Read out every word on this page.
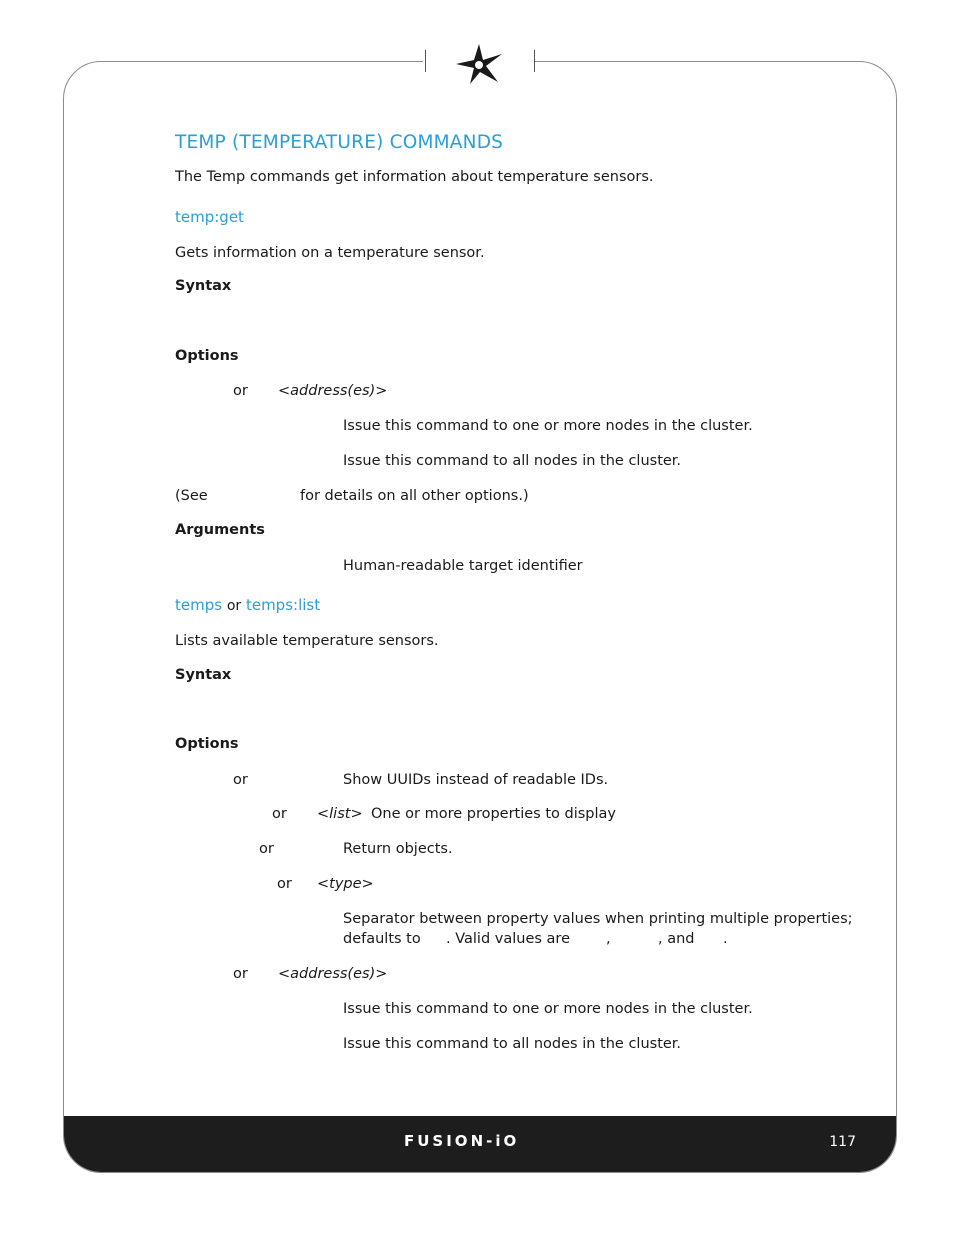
FUSION-iO	117
TEMP (TEMPERATURE) COMMANDS
The Temp commands get information about temperature sensors.
temp:get
Gets information on a temperature sensor.
Syntax
Options
or <address(es)>
Issue this command to one or more nodes in the cluster.
Issue this command to all nodes in the cluster.
(See	for details on all other options.)
Arguments
Human-readable target identifier
temps or temps:list
Lists available temperature sensors.
Syntax
Options
or	Show UUIDs instead of readable IDs.
or <list> One or more properties to display
or	Return objects.
or <type>
Separator between property values when printing multiple properties;
defaults to . Valid values are ,	, and .
or <address(es)>
Issue this command to one or more nodes in the cluster.
Issue this command to all nodes in the cluster.
